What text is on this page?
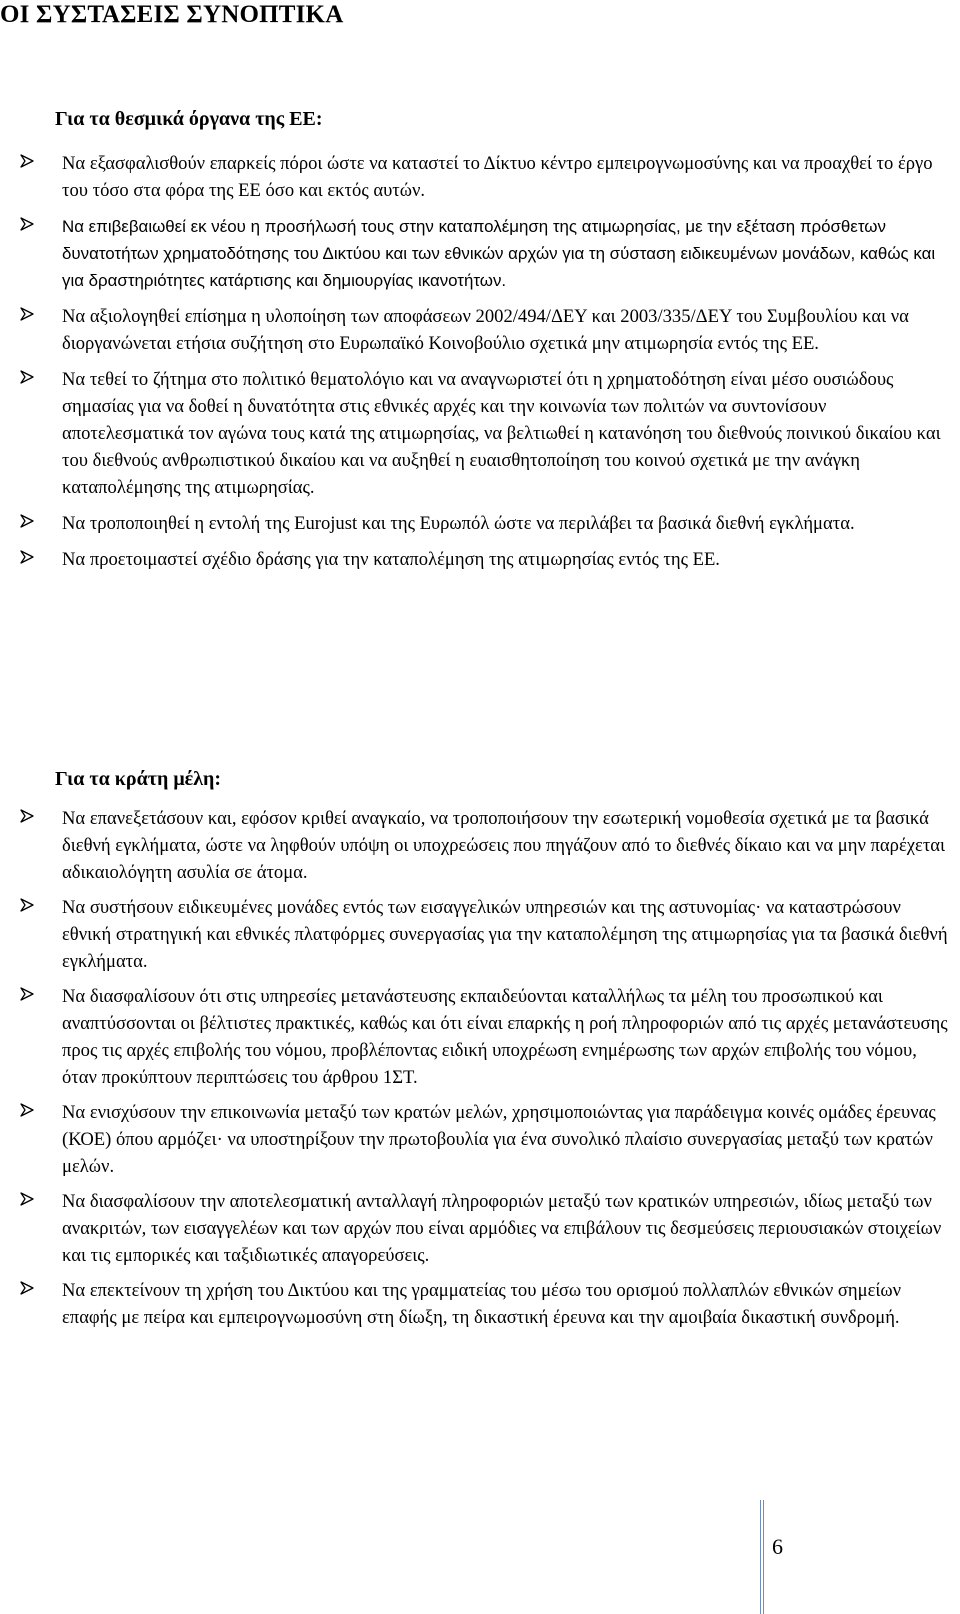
ΟΙ ΣΥΣΤΑΣΕΙΣ ΣΥΝΟΠΤΙΚΑ
Για τα θεσμικά όργανα της ΕΕ:
Να εξασφαλισθούν επαρκείς πόροι ώστε να καταστεί το Δίκτυο κέντρο εμπειρογνωμοσύνης και να προαχθεί το έργο του τόσο στα φόρα της ΕΕ όσο και εκτός αυτών.
Να επιβεβαιωθεί εκ νέου η προσήλωσή τους στην καταπολέμηση της ατιμωρησίας, με την εξέταση πρόσθετων δυνατοτήτων χρηματοδότησης του Δικτύου και των εθνικών αρχών για τη σύσταση ειδικευμένων μονάδων, καθώς και για δραστηριότητες κατάρτισης και δημιουργίας ικανοτήτων.
Να αξιολογηθεί επίσημα η υλοποίηση των αποφάσεων 2002/494/ΔΕΥ και 2003/335/ΔΕΥ του Συμβουλίου και να διοργανώνεται ετήσια συζήτηση στο Ευρωπαϊκό Κοινοβούλιο σχετικά μην ατιμωρησία εντός της ΕΕ.
Να τεθεί το ζήτημα στο πολιτικό θεματολόγιο και να αναγνωριστεί ότι η χρηματοδότηση είναι μέσο ουσιώδους σημασίας για να δοθεί η δυνατότητα στις εθνικές αρχές και την κοινωνία των πολιτών να συντονίσουν αποτελεσματικά τον αγώνα τους κατά της ατιμωρησίας, να βελτιωθεί η κατανόηση του διεθνούς ποινικού δικαίου και του διεθνούς ανθρωπιστικού δικαίου και να αυξηθεί η ευαισθητοποίηση του κοινού σχετικά με την ανάγκη καταπολέμησης της ατιμωρησίας.
Να τροποποιηθεί η εντολή της Eurojust και της Ευρωπόλ ώστε να περιλάβει τα βασικά διεθνή εγκλήματα.
Να προετοιμαστεί σχέδιο δράσης για την καταπολέμηση της ατιμωρησίας εντός της ΕΕ.
Για τα κράτη μέλη:
Να επανεξετάσουν και, εφόσον κριθεί αναγκαίο, να τροποποιήσουν την εσωτερική νομοθεσία σχετικά με τα βασικά διεθνή εγκλήματα, ώστε να ληφθούν υπόψη οι υποχρεώσεις που πηγάζουν από το διεθνές δίκαιο και να μην παρέχεται αδικαιολόγητη ασυλία σε άτομα.
Να συστήσουν ειδικευμένες μονάδες εντός των εισαγγελικών υπηρεσιών και της αστυνομίας· να καταστρώσουν εθνική στρατηγική και εθνικές πλατφόρμες συνεργασίας για την καταπολέμηση της ατιμωρησίας για τα βασικά διεθνή εγκλήματα.
Να διασφαλίσουν ότι στις υπηρεσίες μετανάστευσης εκπαιδεύονται καταλλήλως τα μέλη του προσωπικού και αναπτύσσονται οι βέλτιστες πρακτικές, καθώς και ότι είναι επαρκής η ροή πληροφοριών από τις αρχές μετανάστευσης προς τις αρχές επιβολής του νόμου, προβλέποντας ειδική υποχρέωση ενημέρωσης των αρχών επιβολής του νόμου, όταν προκύπτουν περιπτώσεις του άρθρου 1ΣΤ.
Να ενισχύσουν την επικοινωνία μεταξύ των κρατών μελών, χρησιμοποιώντας για παράδειγμα κοινές ομάδες έρευνας (ΚΟΕ) όπου αρμόζει· να υποστηρίξουν την πρωτοβουλία για ένα συνολικό πλαίσιο συνεργασίας μεταξύ των κρατών μελών.
Να διασφαλίσουν την αποτελεσματική ανταλλαγή πληροφοριών μεταξύ των κρατικών υπηρεσιών, ιδίως μεταξύ των ανακριτών, των εισαγγελέων και των αρχών που είναι αρμόδιες να επιβάλουν τις δεσμεύσεις περιουσιακών στοιχείων και τις εμπορικές και ταξιδιωτικές απαγορεύσεις.
Να επεκτείνουν τη χρήση του Δικτύου και της γραμματείας του μέσω του ορισμού πολλαπλών εθνικών σημείων επαφής με πείρα και εμπειρογνωμοσύνη στη δίωξη, τη δικαστική έρευνα και την αμοιβαία δικαστική συνδρομή.
6
